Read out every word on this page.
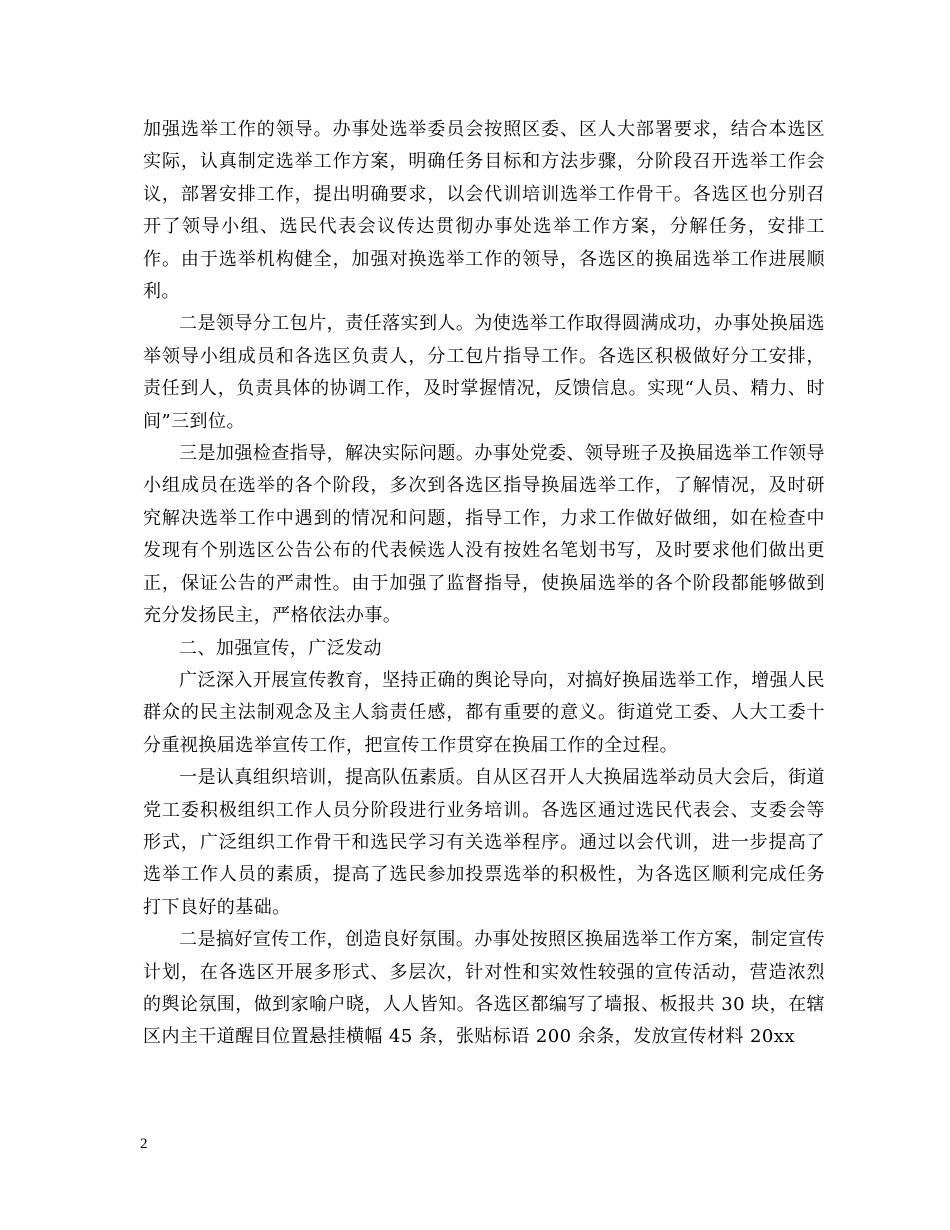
加强选举工作的领导。办事处选举委员会按照区委、区人大部署要求，结合本选区实际，认真制定选举工作方案，明确任务目标和方法步骤，分阶段召开选举工作会议，部署安排工作，提出明确要求，以会代训培训选举工作骨干。各选区也分别召开了领导小组、选民代表会议传达贯彻办事处选举工作方案，分解任务，安排工作。由于选举机构健全，加强对换选举工作的领导，各选区的换届选举工作进展顺利。

二是领导分工包片，责任落实到人。为使选举工作取得圆满成功，办事处换届选举领导小组成员和各选区负责人，分工包片指导工作。各选区积极做好分工安排，责任到人，负责具体的协调工作，及时掌握情况，反馈信息。实现“人员、精力、时间”三到位。

三是加强检查指导，解决实际问题。办事处党委、领导班子及换届选举工作领导小组成员在选举的各个阶段，多次到各选区指导换届选举工作，了解情况，及时研究解决选举工作中遇到的情况和问题，指导工作，力求工作做好做细，如在检查中发现有个别选区公告公布的代表候选人没有按姓名笔划书写，及时要求他们做出更正，保证公告的严肃性。由于加强了监督指导，使换届选举的各个阶段都能够做到充分发扬民主，严格依法办事。

二、加强宣传，广泛发动

广泛深入开展宣传教育，坚持正确的舆论导向，对搞好换届选举工作，增强人民群众的民主法制观念及主人翁责任感，都有重要的意义。街道党工委、人大工委十分重视换届选举宣传工作，把宣传工作贯穿在换届工作的全过程。

一是认真组织培训，提高队伍素质。自从区召开人大换届选举动员大会后，街道党工委积极组织工作人员分阶段进行业务培训。各选区通过选民代表会、支委会等形式，广泛组织工作骨干和选民学习有关选举程序。通过以会代训，进一步提高了选举工作人员的素质，提高了选民参加投票选举的积极性，为各选区顺利完成任务打下良好的基础。

二是搞好宣传工作，创造良好氛围。办事处按照区换届选举工作方案，制定宣传计划，在各选区开展多形式、多层次，针对性和实效性较强的宣传活动，营造浓烈的舆论氛围，做到家喻户晓，人人皆知。各选区都编写了墙报、板报共 30 块，在辖区内主干道醒目位置悬挂横幅 45 条，张贴标语 200 余条，发放宣传材料 20xx

2
